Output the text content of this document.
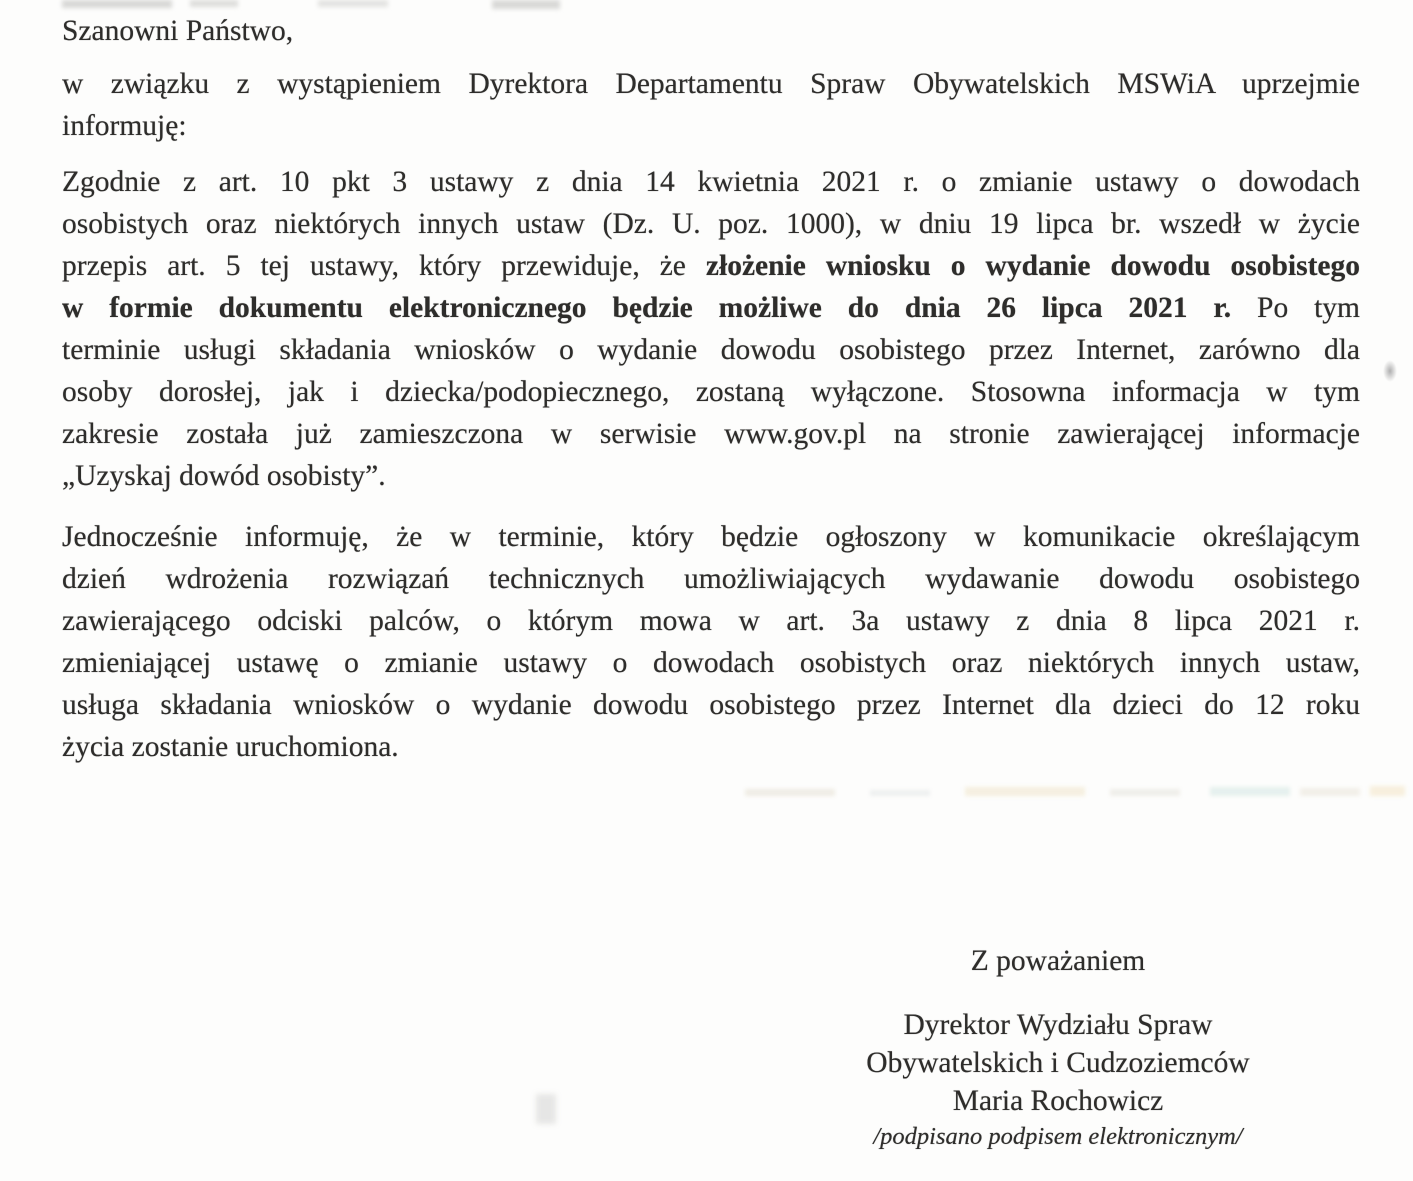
Szanowni Państwo,
w związku z wystąpieniem Dyrektora Departamentu Spraw Obywatelskich MSWiA uprzejmie
informuję:
Zgodnie z art. 10 pkt 3 ustawy z dnia 14 kwietnia 2021 r. o zmianie ustawy o dowodach
osobistych oraz niektórych innych ustaw (Dz. U. poz. 1000), w dniu 19 lipca br. wszedł w życie
przepis art. 5 tej ustawy, który przewiduje, że złożenie wniosku o wydanie dowodu osobistego
w formie dokumentu elektronicznego będzie możliwe do dnia 26 lipca 2021 r. Po tym
terminie usługi składania wniosków o wydanie dowodu osobistego przez Internet, zarówno dla
osoby dorosłej, jak i dziecka/podopiecznego, zostaną wyłączone. Stosowna informacja w tym
zakresie została już zamieszczona w serwisie www.gov.pl na stronie zawierającej informacje
„Uzyskaj dowód osobisty”.
Jednocześnie informuję, że w terminie, który będzie ogłoszony w komunikacie określającym
dzień wdrożenia rozwiązań technicznych umożliwiających wydawanie dowodu osobistego
zawierającego odciski palców, o którym mowa w art. 3a ustawy z dnia 8 lipca 2021 r.
zmieniającej ustawę o zmianie ustawy o dowodach osobistych oraz niektórych innych ustaw,
usługa składania wniosków o wydanie dowodu osobistego przez Internet dla dzieci do 12 roku
życia zostanie uruchomiona.
Z poważaniem
Dyrektor Wydziału Spraw
Obywatelskich i Cudzoziemców
Maria Rochowicz
/podpisano podpisem elektronicznym/
